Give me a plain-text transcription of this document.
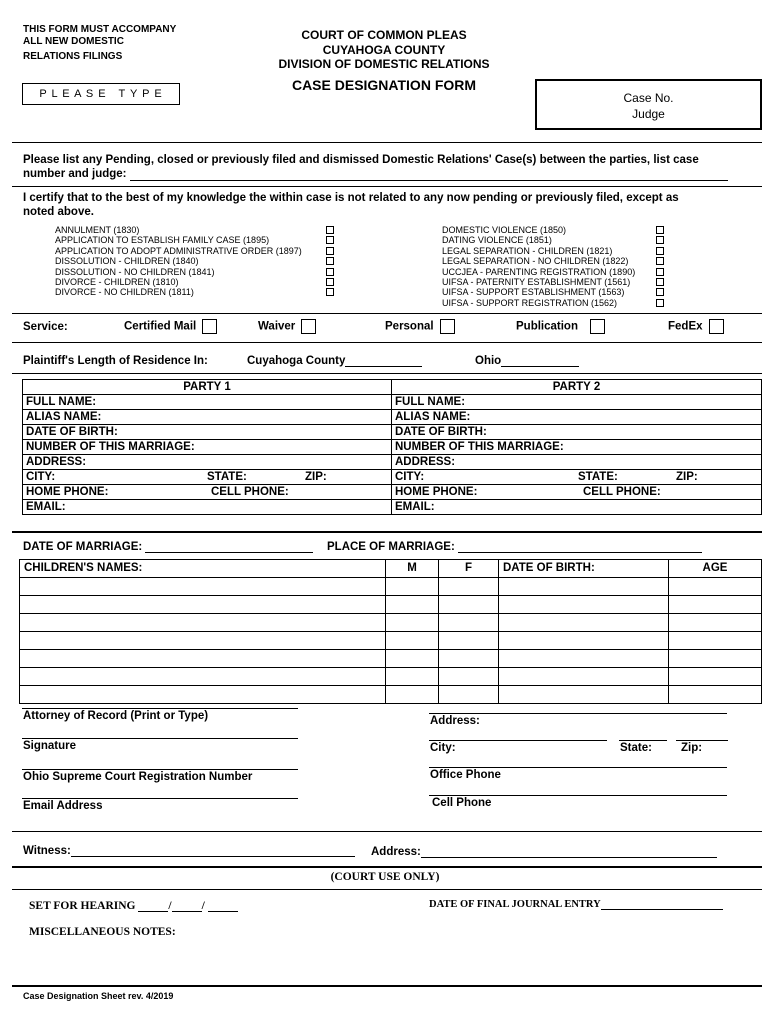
THIS FORM MUST ACCOMPANY
ALL NEW DOMESTIC
RELATIONS FILINGS
P L E A S E   T Y P E
COURT OF COMMON PLEAS
CUYAHOGA COUNTY
DIVISION OF DOMESTIC RELATIONS
CASE DESIGNATION FORM
Case No.
Judge
Please list any Pending, closed or previously filed and dismissed Domestic Relations' Case(s) between the parties, list case
number and judge:
I certify that to the best of my knowledge the within case is not related to any now pending or previously filed, except as
noted above.
ANNULMENT (1830)
APPLICATION TO ESTABLISH FAMILY CASE (1895)
APPLICATION TO ADOPT ADMINISTRATIVE ORDER (1897)
DISSOLUTION - CHILDREN (1840)
DISSOLUTION - NO CHILDREN (1841)
DIVORCE - CHILDREN (1810)
DIVORCE - NO CHILDREN (1811)
DOMESTIC VIOLENCE (1850)
DATING VIOLENCE (1851)
LEGAL SEPARATION - CHILDREN (1821)
LEGAL SEPARATION - NO CHILDREN (1822)
UCCJEA - PARENTING REGISTRATION (1890)
UIFSA - PATERNITY ESTABLISHMENT (1561)
UIFSA - SUPPORT ESTABLISHMENT (1563)
UIFSA - SUPPORT REGISTRATION (1562)
Service:	Certified Mail	Waiver	Personal	Publication	FedEx
Plaintiff's Length of Residence In:	Cuyahoga County	Ohio
PARTY 1	PARTY 2
FULL NAME:	FULL NAME:
ALIAS NAME:	ALIAS NAME:
DATE OF BIRTH:	DATE OF BIRTH:
NUMBER OF THIS MARRIAGE:	NUMBER OF THIS MARRIAGE:
ADDRESS:	ADDRESS:
CITY: STATE: ZIP:	CITY: STATE: ZIP:

HOME PHONE: CELL PHONE:	HOME PHONE: CELL PHONE:

EMAIL:	EMAIL:
DATE OF MARRIAGE:	PLACE OF MARRIAGE:
CHILDREN'S NAMES:	M	F	DATE OF BIRTH:	AGE

Attorney of Record (Print or Type)
Signature
Ohio Supreme Court Registration Number
Email Address
Address:
City:	State:	Zip:
Office Phone
Cell Phone
Witness:	Address:
(COURT USE ONLY)
SET FOR HEARING	/	/	DATE OF FINAL JOURNAL ENTRY
MISCELLANEOUS NOTES:
Case Designation Sheet rev. 4/2019
